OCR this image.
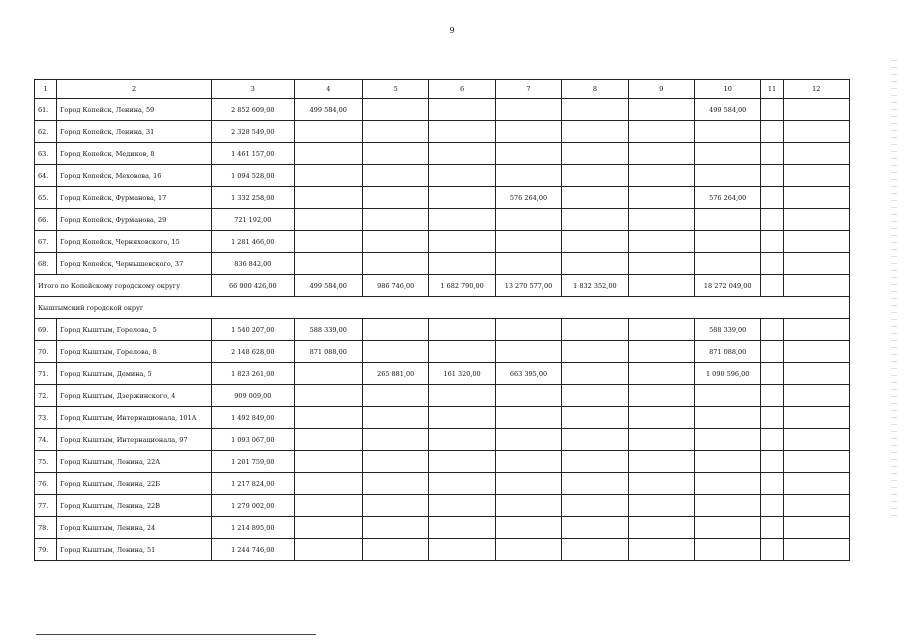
9
1	2	3	4	5	6	7	8	9	10	11	12
61.	Город Копейск, Ленина, 59	2 852 609,00	499 584,00						499 584,00		
62.	Город Копейск, Ленина, 31	2 328 549,00									
63.	Город Копейск, Медиков, 8	1 461 157,00									
64.	Город Копейск, Меховова, 16	1 094 528,00									
65.	Город Копейск, Фурманова, 17	1 332 258,00				576 264,00			576 264,00		
66.	Город Копейск, Фурманова, 29	721 192,00									
67.	Город Копейск, Черняховского, 15	1 281 466,00									
68.	Город Копейск, Чернышевского, 37	836 842,00									
Итого по Копейскому городскому округу		66 900 426,00	499 584,00	986 746,00	1 682 790,00	13 270 577,00	1 832 352,00		18 272 049,00		
Кыштымский городской округ											
69.	Город Кыштым, Горелова, 5	1 540 207,00	588 339,00						588 339,00		
70.	Город Кыштым, Горелова, 8	2 148 628,00	871 088,00						871 088,00		
71.	Город Кыштым, Демина, 5	1 823 261,00		265 881,00	161 320,00	663 395,00			1 090 596,00		
72.	Город Кыштым, Дзержинского, 4	909 009,00									
73.	Город Кыштым, Интернационала, 101А	1 492 849,00									
74.	Город Кыштым, Интернационала, 97	1 093 067,00									
75.	Город Кыштым, Ленина, 22А	1 201 759,00									
76.	Город Кыштым, Ленина, 22Б	1 217 824,00									
77.	Город Кыштым, Ленина, 22В	1 279 002,00									
78.	Город Кыштым, Ленина, 24	1 214 895,00									
79.	Город Кыштым, Ленина, 51	1 244 746,00									
